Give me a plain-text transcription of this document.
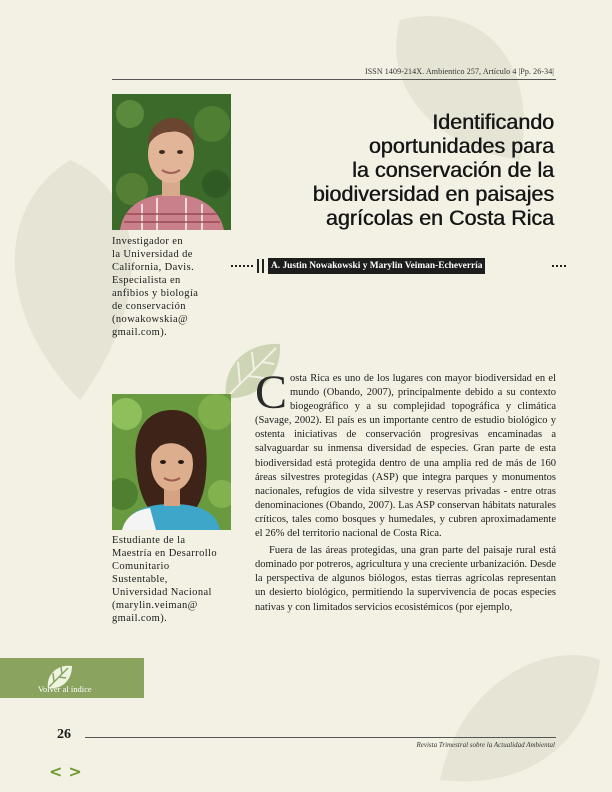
ISSN 1409-214X. Ambientico 257, Artículo 4 |Pp. 26-34|
Investigador en
la Universidad de
California, Davis.
Especialista en
anfibios y biología
de conservación
(nowakowskia@
gmail.com).
Identificando
oportunidades para
la conservación de la
biodiversidad en paisajes
agrícolas en Costa Rica
A. Justin Nowakowski y Marylin Veiman-Echeverría
Estudiante de la
Maestría en Desarrollo
Comunitario
Sustentable,
Universidad Nacional
(marylin.veiman@
gmail.com).

Costa Rica es uno de los lugares con mayor biodiversidad en el mundo (Obando, 2007), principalmente debido a su contexto biogeográfico y a su complejidad topográfica y climática (Savage, 2002). El país es un importante centro de estudio biológico y ostenta iniciativas de conservación progresivas encaminadas a salvaguardar su inmensa diversidad de especies. Gran parte de esta biodiversidad está protegida dentro de una amplia red de más de 160 áreas silvestres protegidas (ASP) que integra parques y monumentos nacionales, refugios de vida silvestre y reservas privadas - entre otras denominaciones (Obando, 2007). Las ASP conservan hábitats naturales críticos, tales como bosques y humedales, y cubren aproximadamente el 26% del territorio nacional de Costa Rica.

Fuera de las áreas protegidas, una gran parte del paisaje rural está dominado por potreros, agricultura y una creciente urbanización. Desde la perspectiva de algunos biólogos, estas tierras agrícolas representan un desierto biológico, permitiendo la supervivencia de pocas especies nativas y con limitados servicios ecosistémicos (por ejemplo,

Volver al índice
26
Revista Trimestral sobre la Actualidad Ambiental
< >
